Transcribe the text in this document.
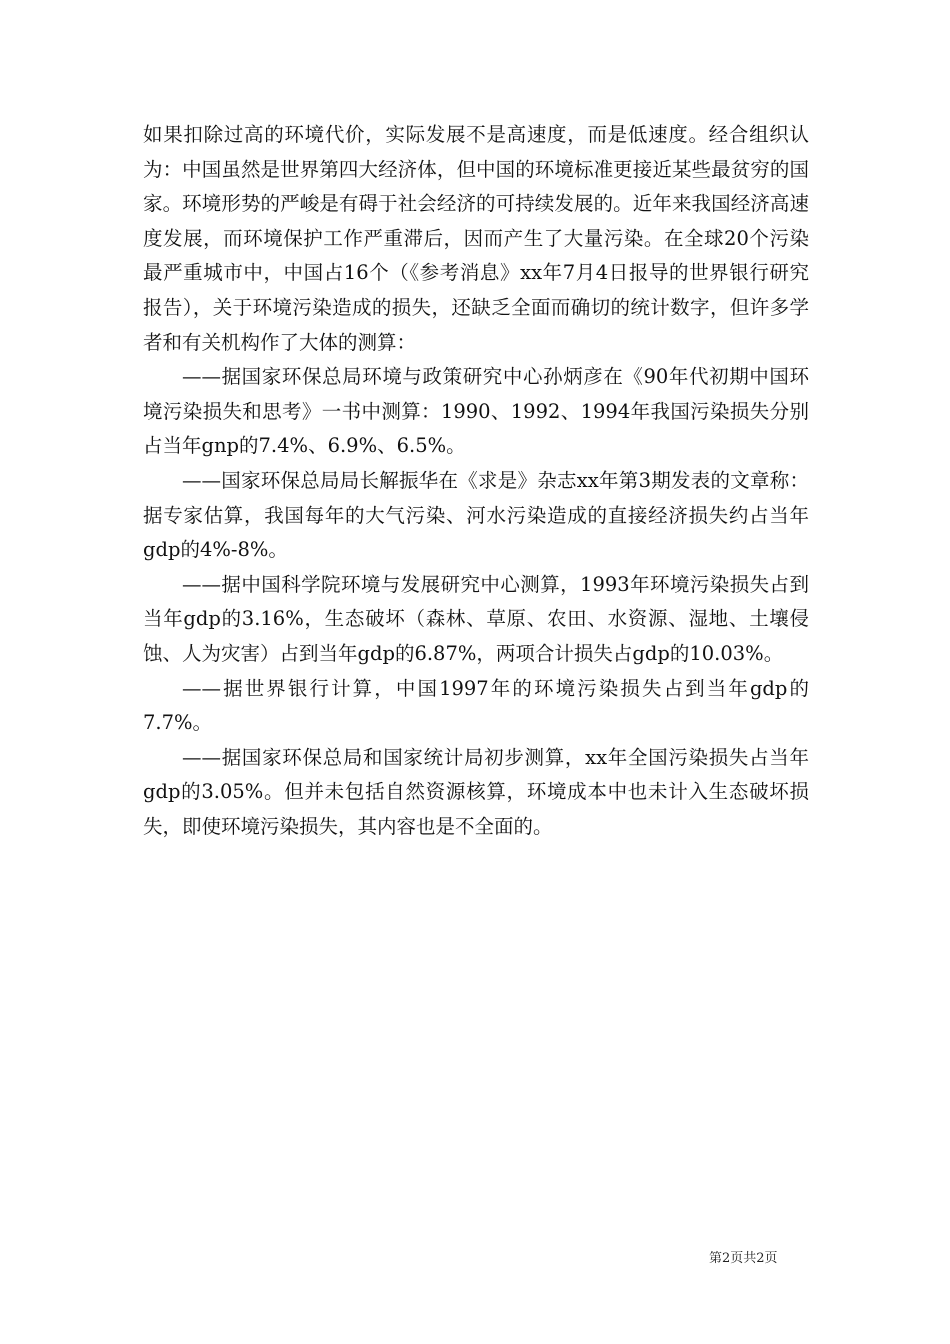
如果扣除过高的环境代价，实际发展不是高速度，而是低速度。经合组织认为：中国虽然是世界第四大经济体，但中国的环境标准更接近某些最贫穷的国家。环境形势的严峻是有碍于社会经济的可持续发展的。近年来我国经济高速度发展，而环境保护工作严重滞后，因而产生了大量污染。在全球20个污染最严重城市中，中国占16个（《参考消息》xx年7月4日报导的世界银行研究报告），关于环境污染造成的损失，还缺乏全面而确切的统计数字，但许多学者和有关机构作了大体的测算：

——据国家环保总局环境与政策研究中心孙炳彦在《90年代初期中国环境污染损失和思考》一书中测算：1990、1992、1994年我国污染损失分别占当年gnp的7.4%、6.9%、6.5%。

——国家环保总局局长解振华在《求是》杂志xx年第3期发表的文章称：据专家估算，我国每年的大气污染、河水污染造成的直接经济损失约占当年gdp的4%-8%。

——据中国科学院环境与发展研究中心测算，1993年环境污染损失占到当年gdp的3.16%，生态破坏（森林、草原、农田、水资源、湿地、土壤侵蚀、人为灾害）占到当年gdp的6.87%，两项合计损失占gdp的10.03%。

——据世界银行计算，中国1997年的环境污染损失占到当年gdp的7.7%。

——据国家环保总局和国家统计局初步测算，xx年全国污染损失占当年gdp的3.05%。但并未包括自然资源核算，环境成本中也未计入生态破坏损失，即使环境污染损失，其内容也是不全面的。

第2页共2页
